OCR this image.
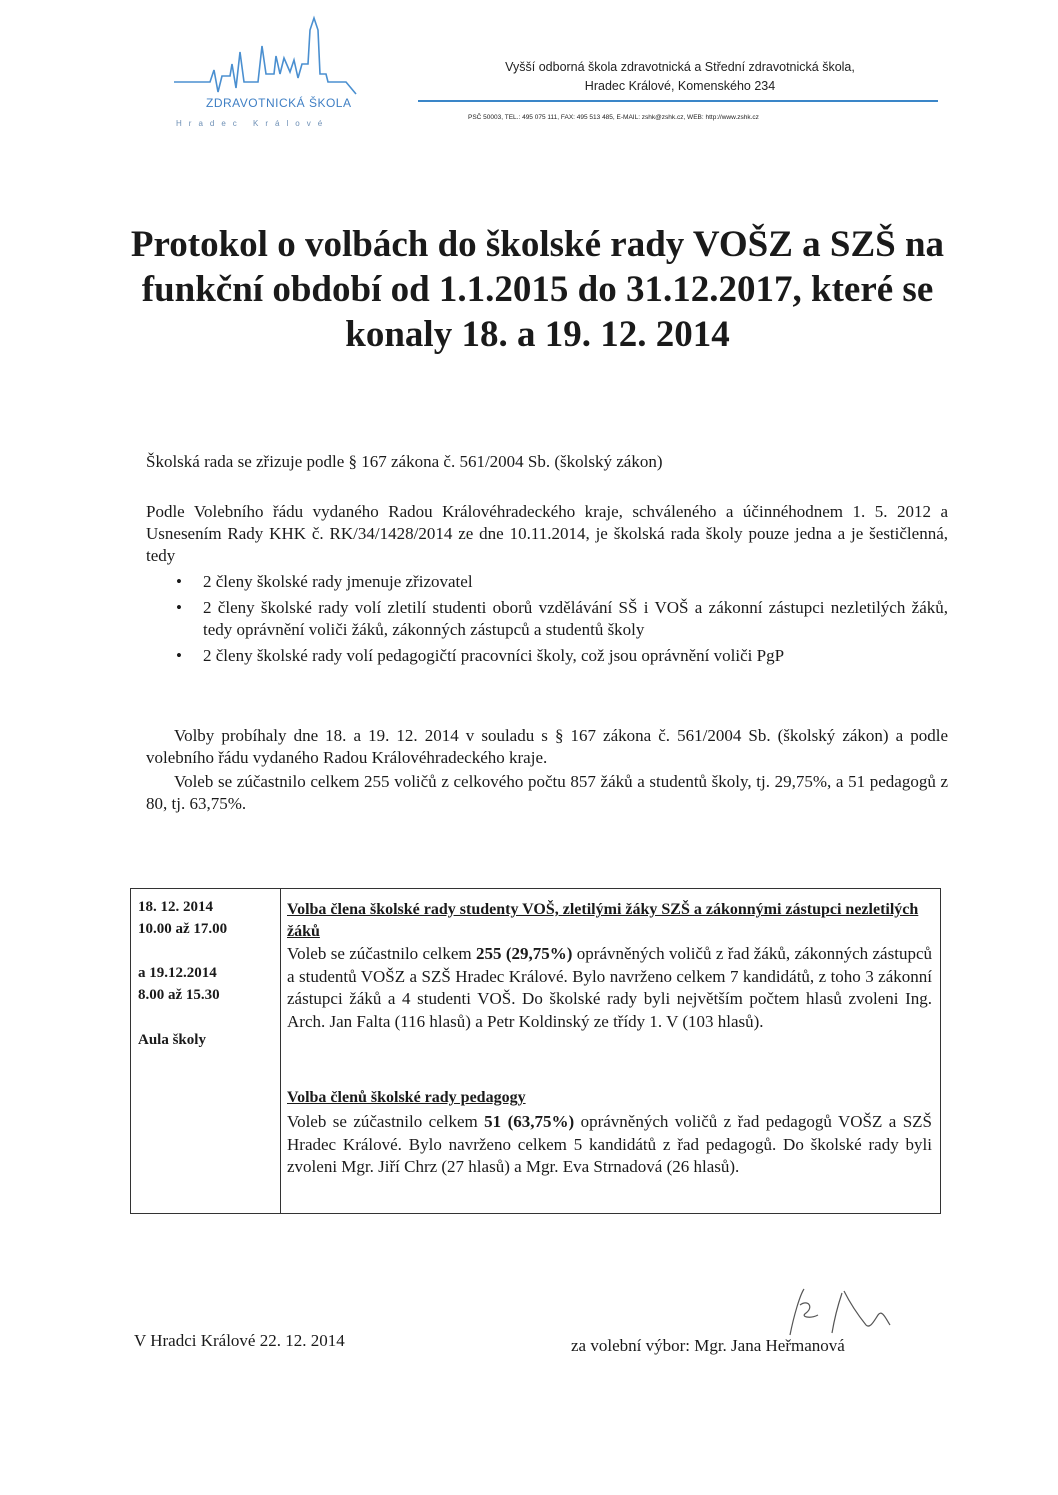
ZDRAVOTNICKÁ ŠKOLA
Hradec Králové
Vyšší odborná škola zdravotnická a Střední zdravotnická škola,
Hradec Králové, Komenského 234
PSČ 50003, TEL.: 495 075 111, FAX: 495 513 485, E-MAIL: zshk@zshk.cz, WEB: http://www.zshk.cz
Protokol o volbách do školské rady VOŠZ a SZŠ na funkční období od 1.1.2015 do 31.12.2017, které se konaly 18. a 19. 12. 2014

Školská rada se zřizuje podle § 167 zákona č. 561/2004 Sb. (školský zákon)

Podle Volebního řádu vydaného Radou Královéhradeckého kraje, schváleného a účinnéhodnem 1. 5. 2012 a Usnesením Rady KHK č. RK/34/1428/2014 ze dne 10.11.2014, je školská rada školy pouze jedna a je šestičlenná, tedy

• 2 členy školské rady jmenuje zřizovatel
• 2 členy školské rady volí zletilí studenti oborů vzdělávání SŠ i VOŠ a zákonní zástupci nezletilých žáků, tedy oprávnění voliči žáků, zákonných zástupců a studentů školy
• 2 členy školské rady volí pedagogičtí pracovníci školy, což jsou oprávnění voliči PgP

Volby probíhaly dne 18. a 19. 12. 2014 v souladu s § 167 zákona č. 561/2004 Sb. (školský zákon) a podle volebního řádu vydaného Radou Královéhradeckého kraje.

Voleb se zúčastnilo celkem 255 voličů z celkového počtu 857 žáků a studentů školy, tj. 29,75%, a 51 pedagogů z 80, tj. 63,75%.

18. 12. 2014
10.00 až 17.00
a 19.12.2014
8.00 až 15.30
Aula školy
Volba člena školské rady studenty VOŠ, zletilými žáky SZŠ a zákonnými zástupci nezletilých žáků

Voleb se zúčastnilo celkem 255 (29,75%) oprávněných voličů z řad žáků, zákonných zástupců a studentů VOŠZ a SZŠ Hradec Králové. Bylo navrženo celkem 7 kandidátů, z toho 3 zákonní zástupci žáků a 4 studenti VOŠ. Do školské rady byli největším počtem hlasů zvoleni Ing. Arch. Jan Falta (116 hlasů) a Petr Koldinský ze třídy 1. V (103 hlasů).

Volba členů školské rady pedagogy

Voleb se zúčastnilo celkem 51 (63,75%) oprávněných voličů z řad pedagogů VOŠZ a SZŠ Hradec Králové. Bylo navrženo celkem 5 kandidátů z řad pedagogů. Do školské rady byli zvoleni Mgr. Jiří Chrz (27 hlasů) a Mgr. Eva Strnadová (26 hlasů).

V Hradci Králové 22. 12. 2014	za volební výbor: Mgr. Jana Heřmanová
